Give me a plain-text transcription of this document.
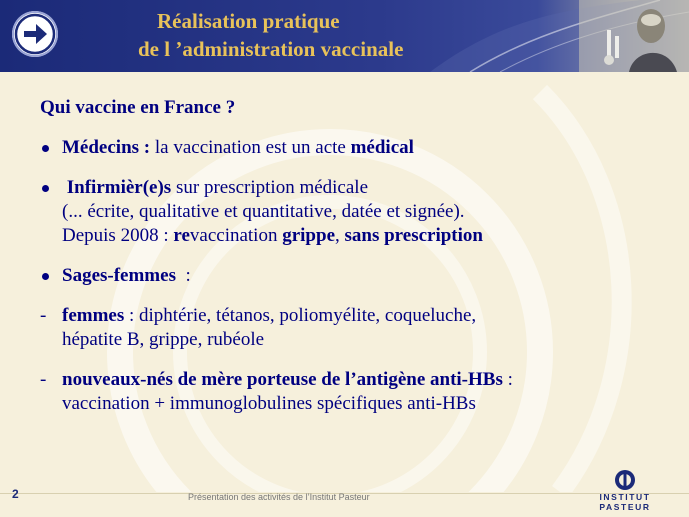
Réalisation pratique
de l ’administration vaccinale
Qui vaccine en France ?
Médecins : la vaccination est un acte médical
Infirmièr(e)s sur prescription médicale
(... écrite, qualitative et quantitative, datée et signée).
Depuis 2008 : revaccination grippe, sans prescription
Sages-femmes  :
- femmes : diphtérie, tétanos, poliomyélite, coqueluche,
hépatite B, grippe, rubéole
- nouveaux-nés de mère porteuse de l’antigène anti-HBs :
vaccination + immunoglobulines spécifiques anti-HBs
2	Présentation des activités de l’Institut Pasteur	INSTITUT PASTEUR
